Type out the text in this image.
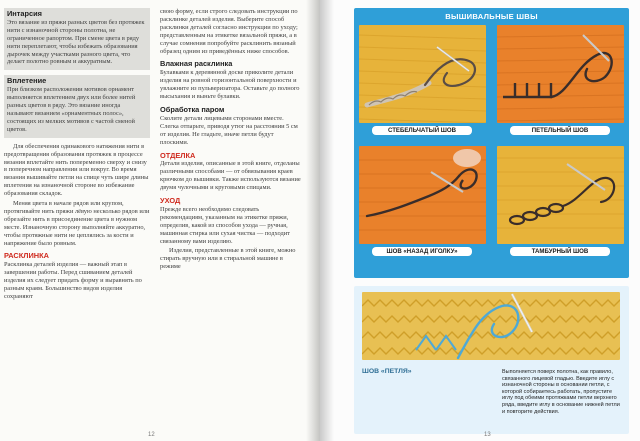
Интарсия
Это вязание из пряжи разных цветов без протяжек нити с изнаночной стороны полотна, не ограниченное рапортом. При смене цвета в ряду нити переплетают, чтобы избежать образования дырочек между участками разного цвета, что делает полотно ровным и аккуратным.
Вплетение
При близком расположении мотивов орнамент выполняется вплетением двух или более нитей разных цветов в ряду. Это вязание иногда называют вязанием «орнаментных полос», состоящих из мелких мотивов с частой сменой цветов.
Для обеспечения одинакового натяжения нити в предотвращения образования протяжек в процессе вязания вплетайте нить попеременно сверху и снизу в поперечном направлении или вокруг. Во время вязания вышивайте петли на спице чуть шире длины вплетения на изнаночной стороне во избежание образования складок.
Меняя цвета в начале рядов или крупом, протягивайте нить пряжи лёвую несколько рядов или обрезайте нить в присоединение цвета в нужном месте. Изнаночную сторону выполняйте аккуратно, чтобы протяжные нити не цеплялись за кости и напряжение было ровным.
РАСКЛИНКА
Расклинка деталей изделия — важный этап в завершении работы. Перед сшиванием деталей изделия их следует придать форму и выравнять по разным краям. Большинство видов изделия сохраняют
свою форму, если строго следовать инструкции по расклинке деталей изделия. Выберите способ расклинки деталей согласно инструкции по уходу; представленным на этикетке вязальной пряжи, а в случае сомнения попробуйте расклинить вязаный образец одним из приведённых ниже способов.
Влажная расклинка
Булавками к деревянной доске приколите детали изделия на ровной горизонтальной поверхности и увлажните из пульверизатора. Оставьте до полного высыхания и выньте булавки.
Обработка паром
Сколите детали лицевыми сторонами вместе. Слегка отпарьте, приводя утюг на расстоянии 5 см от изделия. Не гладьте, иначе петли будут плоскими.
ОТДЕЛКА
Детали изделия, описанные в этой книге, отделаны различными способами — от обвязывания краев крючком до вышивки. Также используются вязание двумя чулочными и круговыми спицами.
УХОД
Прежде всего необходимо следовать рекомендациям, указанным на этикетке пряжи, определив, какой из способов ухода — ручная, машинная стирка или сухая чистка — подходит связанному вами изделию.
Изделия, представленные в этой книге, можно стирать вручную или в стиральной машине в режиме
12
ВЫШИВАЛЬНЫЕ ШВЫ
СТЕБЕЛЬЧАТЫЙ ШОВ	ПЕТЕЛЬНЫЙ ШОВ
ШОВ «НАЗАД ИГОЛКУ»	ТАМБУРНЫЙ ШОВ
ШОВ «ПЕТЛЯ»	Выполняется поверх полотна, как правило, связанного лицевой гладью. Введите иглу с изнаночной стороны в основании петли, с которой собираетесь работать, пропустите иглу под обеими протяжками петли верхнего ряда, введите иглу в основание нижней петли и повторите действия.
13
